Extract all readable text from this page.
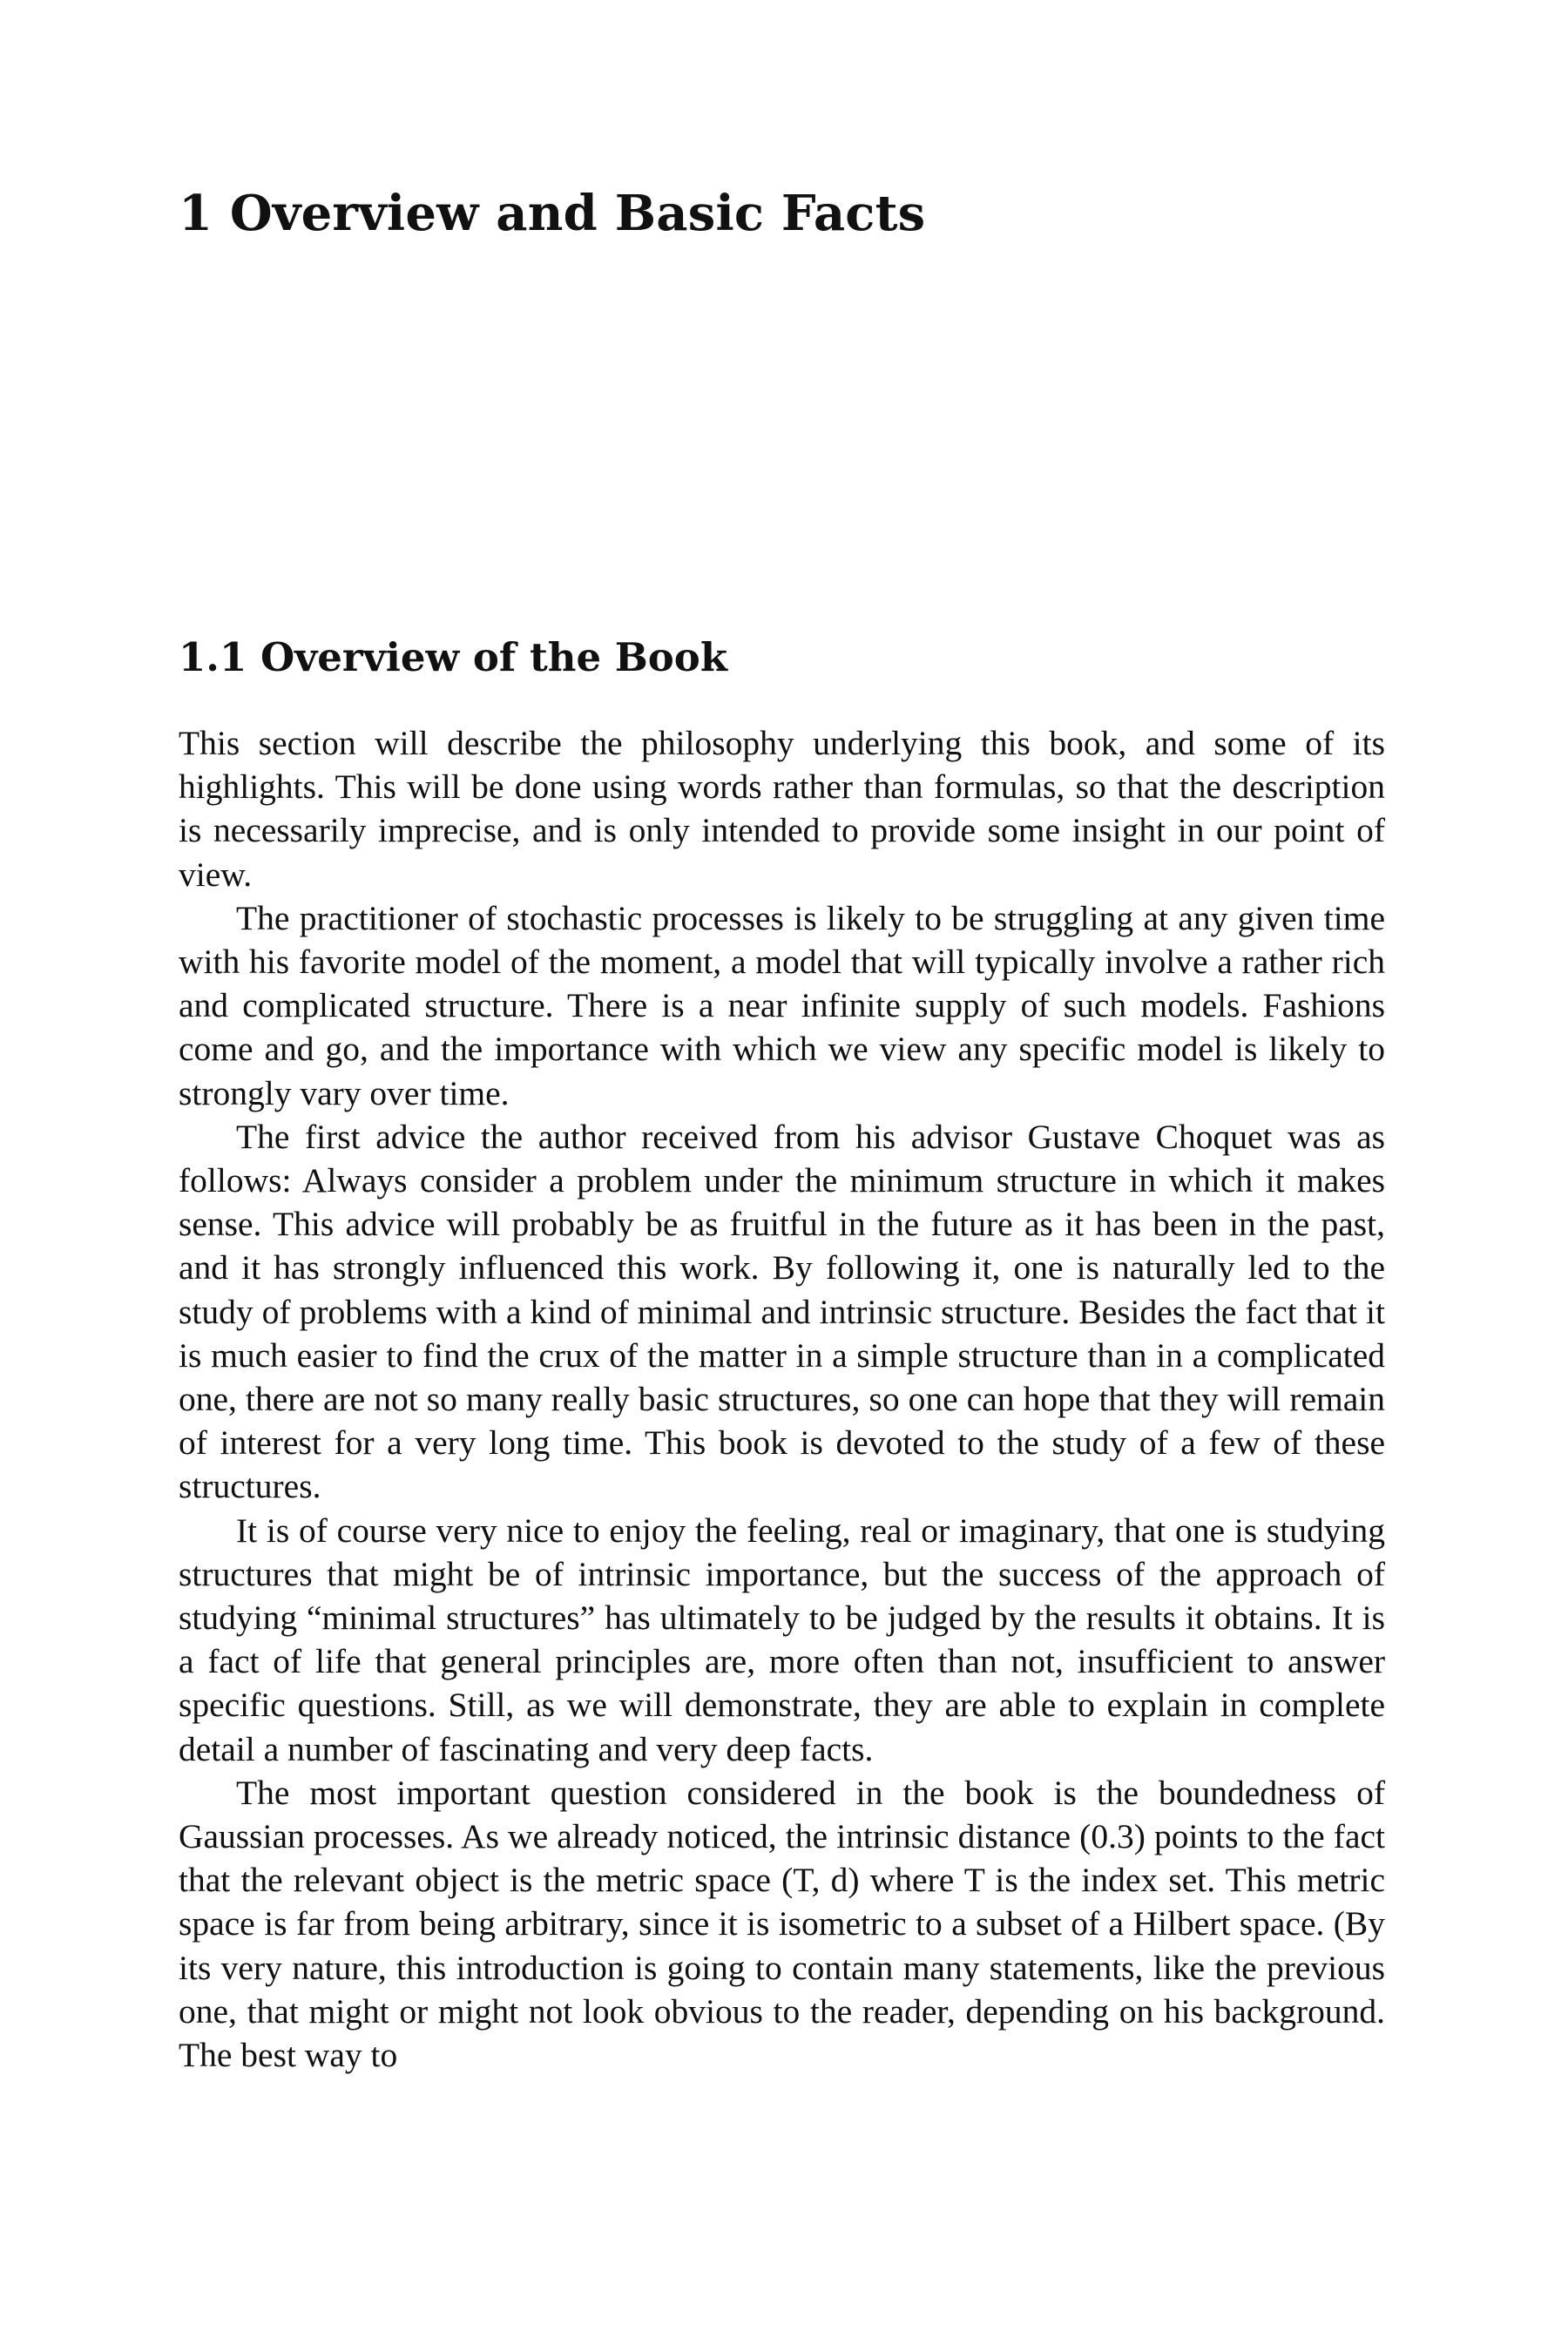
1 Overview and Basic Facts
1.1 Overview of the Book

This section will describe the philosophy underlying this book, and some of its highlights. This will be done using words rather than formulas, so that the description is necessarily imprecise, and is only intended to provide some insight in our point of view.

The practitioner of stochastic processes is likely to be struggling at any given time with his favorite model of the moment, a model that will typically involve a rather rich and complicated structure. There is a near infinite supply of such models. Fashions come and go, and the importance with which we view any specific model is likely to strongly vary over time.

The first advice the author received from his advisor Gustave Choquet was as follows: Always consider a problem under the minimum structure in which it makes sense. This advice will probably be as fruitful in the future as it has been in the past, and it has strongly influenced this work. By following it, one is naturally led to the study of problems with a kind of minimal and intrinsic structure. Besides the fact that it is much easier to find the crux of the matter in a simple structure than in a complicated one, there are not so many really basic structures, so one can hope that they will remain of interest for a very long time. This book is devoted to the study of a few of these structures.

It is of course very nice to enjoy the feeling, real or imaginary, that one is studying structures that might be of intrinsic importance, but the success of the approach of studying “minimal structures” has ultimately to be judged by the results it obtains. It is a fact of life that general principles are, more often than not, insufficient to answer specific questions. Still, as we will demonstrate, they are able to explain in complete detail a number of fascinating and very deep facts.

The most important question considered in the book is the boundedness of Gaussian processes. As we already noticed, the intrinsic distance (0.3) points to the fact that the relevant object is the metric space (T, d) where T is the index set. This metric space is far from being arbitrary, since it is isometric to a subset of a Hilbert space. (By its very nature, this introduction is going to contain many statements, like the previous one, that might or might not look obvious to the reader, depending on his background. The best way to
